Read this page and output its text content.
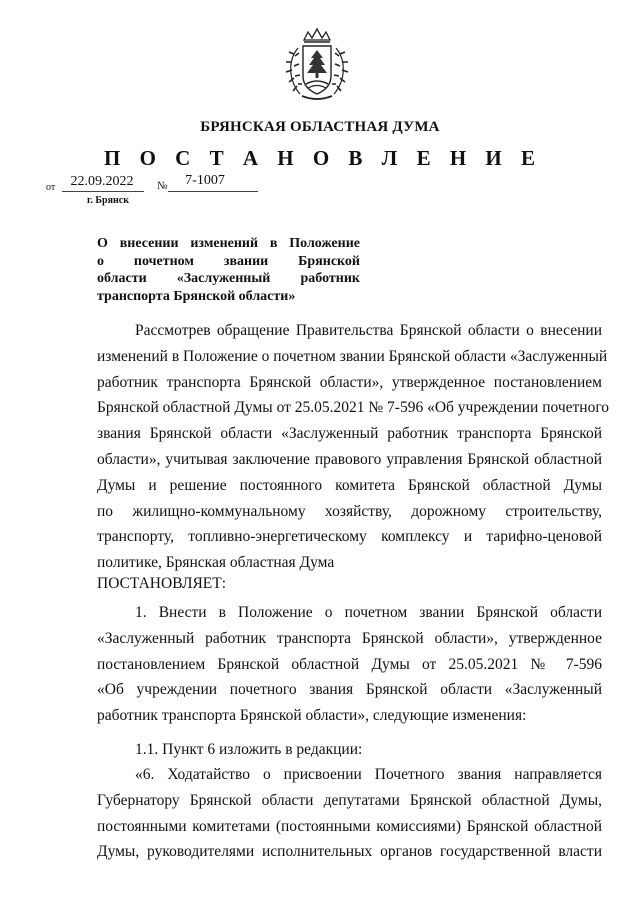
БРЯНСКАЯ ОБЛАСТНАЯ ДУМА
П О С Т А Н О В Л Е Н И Е
от	22.09.2022	№	7-1007
г. Брянск
О внесении изменений в Положение
о почетном звании Брянской
области «Заслуженный работник
транспорта Брянской области»
Рассмотрев обращение Правительства Брянской области о внесении
изменений в Положение о почетном звании Брянской области «Заслуженный
работник транспорта Брянской области», утвержденное постановлением
Брянской областной Думы от 25.05.2021 № 7-596 «Об учреждении почетного
звания Брянской области «Заслуженный работник транспорта Брянской
области», учитывая заключение правового управления Брянской областной
Думы и решение постоянного комитета Брянской областной Думы
по жилищно-коммунальному хозяйству, дорожному строительству,
транспорту, топливно-энергетическому комплексу и тарифно-ценовой
политике, Брянская областная Дума
ПОСТАНОВЛЯЕТ:
1. Внести в Положение о почетном звании Брянской области
«Заслуженный работник транспорта Брянской области», утвержденное
постановлением Брянской областной Думы от 25.05.2021 № 7-596
«Об учреждении почетного звания Брянской области «Заслуженный
работник транспорта Брянской области», следующие изменения:
1.1. Пункт 6 изложить в редакции:
«6. Ходатайство о присвоении Почетного звания направляется
Губернатору Брянской области депутатами Брянской областной Думы,
постоянными комитетами (постоянными комиссиями) Брянской областной
Думы, руководителями исполнительных органов государственной власти
